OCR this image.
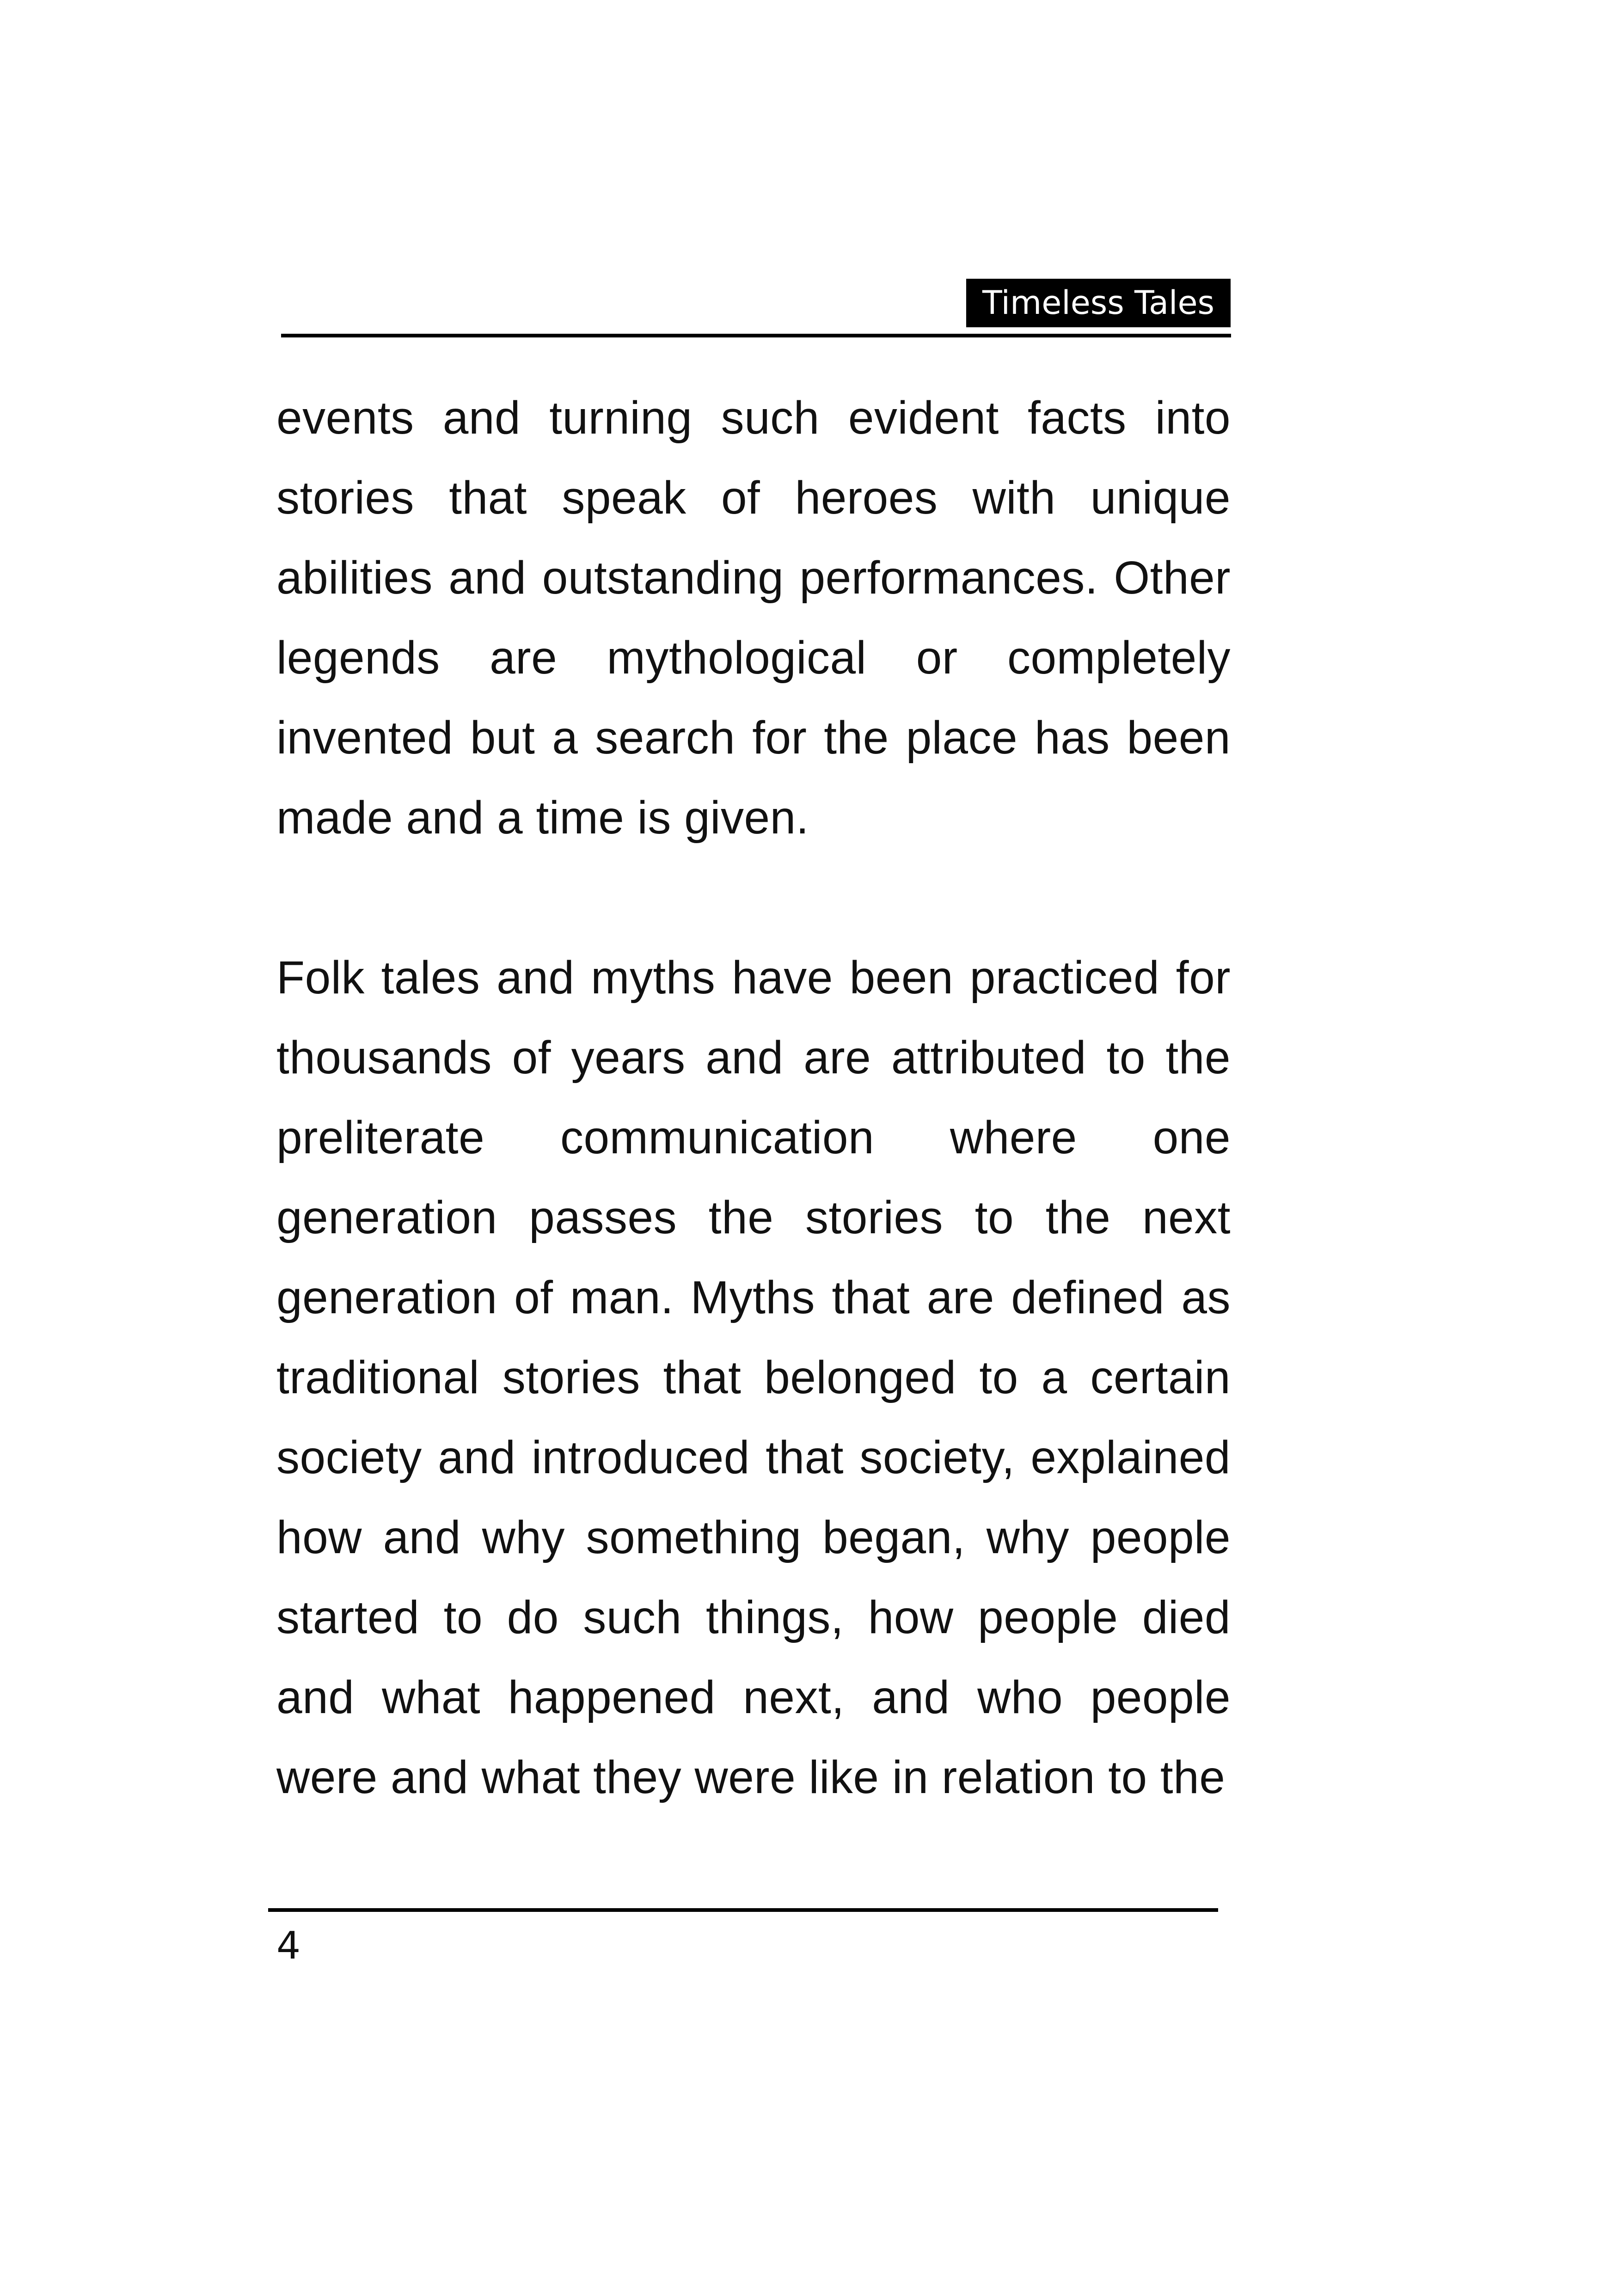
Timeless Tales

events and turning such evident facts into stories that speak of heroes with unique abilities and outstanding performances. Other legends are mythological or completely invented but a search for the place has been made and a time is given.

Folk tales and myths have been practiced for thousands of years and are attributed to the preliterate communication where one generation passes the stories to the next generation of man. Myths that are defined as traditional stories that belonged to a certain society and introduced that society, explained how and why something began, why people started to do such things, how people died and what happened next, and who people were and what they were like in relation to the

4
